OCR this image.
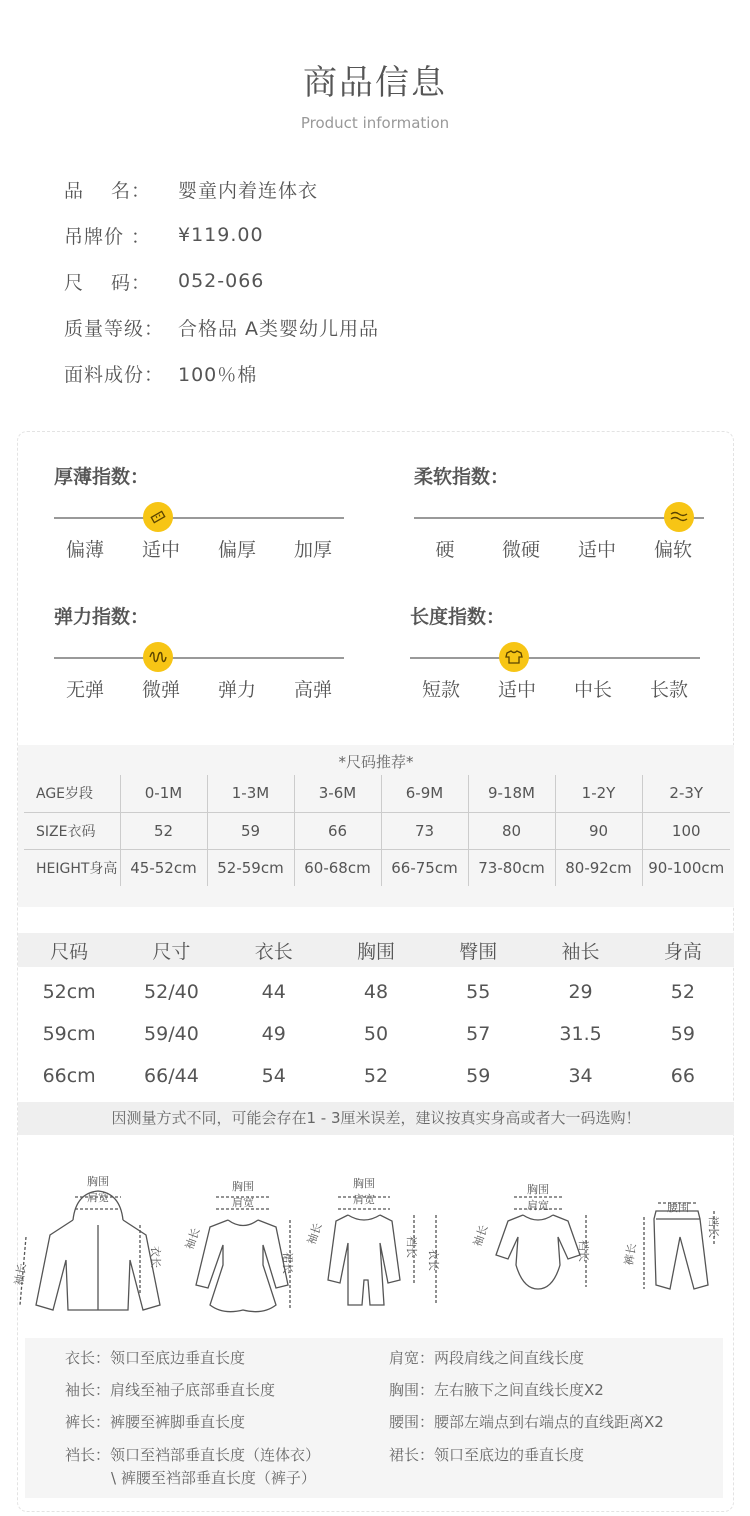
商品信息
Product information
品　 名：	婴童内着连体衣
吊牌价 ：	¥119.00
尺　 码：	052-066
质量等级： 合格品 A类婴幼儿用品
面料成份： 100％棉
厚薄指数：
偏薄	适中	偏厚	加厚
柔软指数：
硬	微硬	适中	偏软
弹力指数：
无弹	微弹	弹力	高弹
长度指数：
短款	适中	中长	长款
*尺码推荐*
AGE岁段	0-1M	1-3M	3-6M	6-9M	9-18M	1-2Y	2-3Y
SIZE衣码	52	59	66	73	80	90	100
HEIGHT身高	45-52cm	52-59cm	60-68cm	66-75cm	73-80cm	80-92cm	90-100cm
尺码	尺寸	衣长	胸围	臀围	袖长	身高
52cm	52/40	44	48	55	29	52
59cm	59/40	49	50	57	31.5	59
66cm	66/44	54	52	59	34	66
因测量方式不同，可能会存在1 - 3厘米误差，建议按真实身高或者大一码选购！
胸围
肩宽
袖长
衣长
胸围
肩宽
袖长
裙长
胸围
肩宽
袖长
裆长
衣长
胸围
肩宽
袖长
裆长
腰围
裤长
裆长
衣长：领口至底边垂直长度	肩宽：两段肩线之间直线长度
袖长：肩线至袖子底部垂直长度	胸围：左右腋下之间直线长度X2
裤长：裤腰至裤脚垂直长度	腰围：腰部左端点到右端点的直线距离X2
裆长：领口至裆部垂直长度（连体衣）	裙长：领口至底边的垂直长度
\ 裤腰至裆部垂直长度（裤子）
